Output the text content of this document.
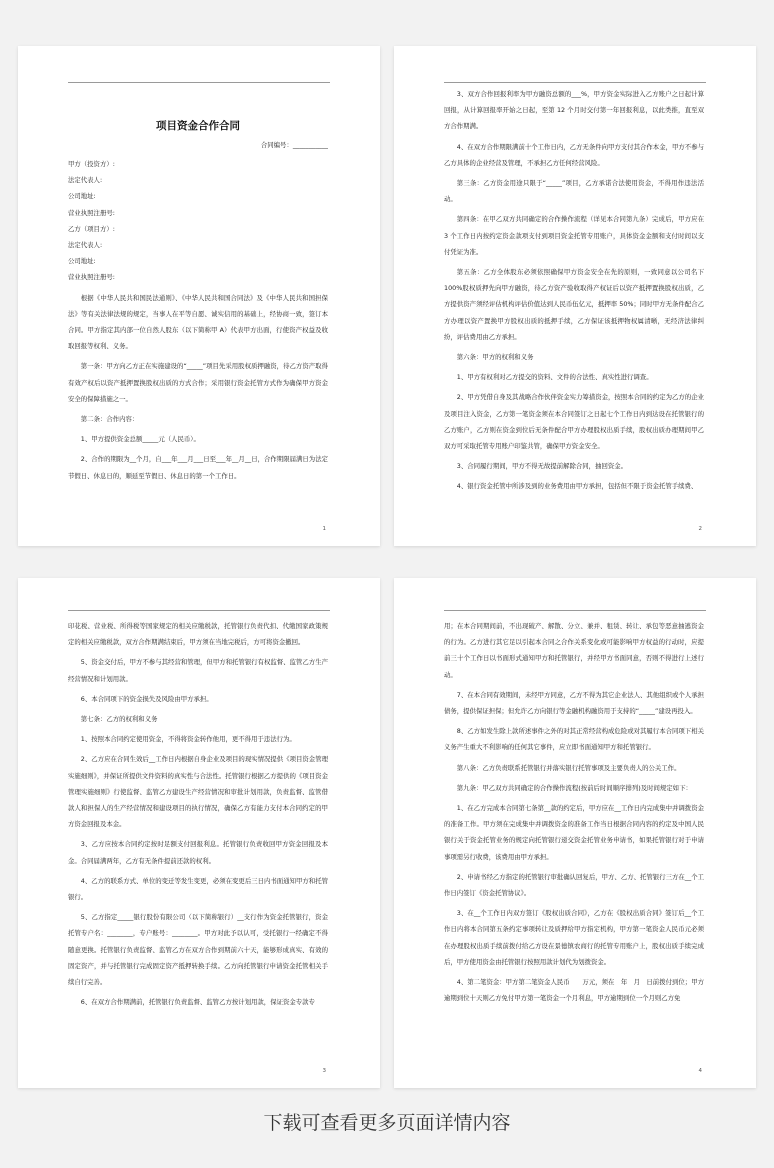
项目资金合作合同
合同编号：___________
甲方（投资方）:
法定代表人:
公司地址:
营业执照注册号:
乙方（项目方）:
法定代表人:
公司地址:
营业执照注册号:

根据《中华人民共和国民法通则》、《中华人民共和国合同法》及《中华人民共和国担保法》等有关法律法规的规定，当事人在平等自愿、诚实信用的基础上，经协商一致，签订本合同。甲方指定其内部一位自然人股东（以下简称甲 A）代表甲方出面，行使资产权益及收取回报等权利、义务。

第一条：甲方向乙方正在实施建设的“_____”项目先采用股权质押融资，待乙方资产取得有效产权后以资产抵押置换股权出质的方式合作；采用银行资金托管方式作为确保甲方资金安全的保障措施之一。

第二条：合作内容：

1、甲方提供资金总额_____元（人民币）。

2、合作的期限为__个月，自___年___月___日至___年__月__日，合作期限届满日为法定节假日、休息日的，顺延至节假日、休息日的第一个工作日。

1

3、双方合作回报利率为甲方融资总额的___%，甲方资金实际进入乙方账户之日起计算回报，从计算回报率开始之日起，至第 12 个月时交付第一年回报利息，以此类推，直至双方合作期满。

4、在双方合作期限满前十个工作日内，乙方无条件向甲方支付其合作本金，甲方不参与乙方具体的企业经营及管理，不承担乙方任何经营风险。

第三条：乙方资金用途只限于“_____”项目，乙方承诺合法使用资金，不得用作违法活动。

第四条：在甲乙双方共同确定的合作操作流程（详见本合同第九条）完成后，甲方应在 3 个工作日内按约定资金款项支付到项目资金托管专用账户，具体资金金额和支付时间以支付凭证为准。

第五条：乙方全体股东必须依照确保甲方资金安全在先的原则，一致同意以公司名下 100%股权质押先向甲方融资，待乙方资产验收取得产权证后以资产抵押置换股权出质，乙方提供资产须经评估机构评估价值达到人民币伍亿元，抵押率 50%；同时甲方无条件配合乙方办理以资产置换甲方股权出质的抵押手续，乙方保证该抵押物权属清晰，无经济法律纠纷，评估费用由乙方承担。

第六条：甲方的权利和义务

1、甲方有权利对乙方提交的资料、文件的合法性、真实性进行调查。

2、甲方凭借自身及其战略合作伙伴资金实力筹措资金，按照本合同的约定为乙方的企业及项目注入资金，乙方第一笔资金须在本合同签订之日起七个工作日内到达设在托管银行的乙方账户，乙方则在资金到位后无条件配合甲方办理股权出质手续，股权出质办理期间甲乙双方可采取托管专用账户印鉴共管，确保甲方资金安全。

3、合同履行期间，甲方不得无故提前解除合同，抽回资金。

4、银行资金托管中所涉及到的业务费用由甲方承担，包括但不限于资金托管手续费、

2

印花税、营业税、所得税等国家规定的相关应缴税款，托管银行负责代扣、代缴国家政策规定的相关应缴税款，双方合作期满结束后，甲方须在当地完税后，方可将资金撤回。

5、资金交付后，甲方不参与其经营和管理，但甲方和托管银行有权监督、监管乙方生产经营情况和计划用款。

6、本合同项下的资金损失及风险由甲方承担。

第七条：乙方的权利和义务

1、按照本合同约定使用资金，不得将资金转作他用，更不得用于违法行为。

2、乙方应在合同生效后__工作日内根据自身企业及项目的现实情况提供《项目资金管理实施细则》，并保证所提供文件资料的真实性与合法性。托管银行根据乙方提供的《项目资金管理实施细则》行使监督、监管乙方建设生产经营情况和审批计划用款，负责监督、监管借款人和担保人的生产经营情况和建设项目的执行情况，确保乙方有能力支付本合同约定的甲方资金回报及本金。

3、乙方应按本合同约定按时足额支付回报利息。托管银行负责收回甲方资金回报及本金。合同届满两年，乙方有无条件提前还款的权利。

4、乙方的联系方式、单位的变迁等发生变更，必须在变更后三日内书面通知甲方和托管银行。

5、乙方指定_____银行股份有限公司（以下简称银行）__支行作为资金托管银行，资金托管专户名：________，专户账号：________。甲方对此予以认可，受托银行一经确定不得随意更换。托管银行负责监督、监管乙方在双方合作到期前六十天，能够形成真实、有效的固定资产，并与托管银行完成固定资产抵押转换手续。乙方向托管银行申请资金托管相关手续自行完善。

6、在双方合作期满前，托管银行负责监督、监管乙方按计划用款，保证资金专款专

3

用；在本合同期间前，不出现破产、解散、分立、兼并、租赁、转让、承包等恶意抽逃资金的行为。乙方进行其它足以引起本合同之合作关系变化或可能影响甲方权益的行动时，应提前三十个工作日以书面形式通知甲方和托管银行，并经甲方书面同意，否则不得进行上述行动。

7、在本合同有效期间，未经甲方同意，乙方不得为其它企业法人、其他组织或个人承担债务，提供保证担保；但允许乙方向银行等金融机构融资用于支持的“_____”建设再投入。

8、乙方如发生除上款所述事件之外的对其正常经营构成危险或对其履行本合同项下相关义务产生重大不利影响的任何其它事件，应立即书面通知甲方和托管银行。

第八条：乙方负责联系托管银行并落实银行托管事项及主要负责人的公关工作。

第九条：甲乙双方共同确定的合作操作流程(按前后时间顺序排列)及时间规定如下：

1、在乙方完成本合同第七条第__款的约定后，甲方应在__工作日内完成集中并调拨资金的准备工作。甲方须在完成集中并调拨资金的准备工作当日根据合同内容的约定及中国人民银行关于资金托管业务的规定向托管银行递交资金托管业务申请书，如果托管银行对于申请事项需另行收费，该费用由甲方承担。

2、申请书经乙方指定的托管银行审批确认回复后，甲方、乙方、托管银行三方在__个工作日内签订《资金托管协议》。

3、在__个工作日内双方签订《股权出质合同》，乙方在《股权出质合同》签订后__个工作日内将本合同第五条约定事项转让及质押给甲方指定机构，甲方第一笔资金人民币元必须在办理股权出质手续前拨付给乙方设在景德镇农商行的托管专用账户上，股权出质手续完成后，甲方使用资金由托管银行按照用款计划代为划拨资金。

4、第二笔资金：甲方第二笔资金人民币　　万元，须在　年　月　日前拨付到位；甲方逾期到位十天则乙方免付甲方第一笔资金一个月利息，甲方逾期到位一个月则乙方免

4
下载可查看更多页面详情内容
